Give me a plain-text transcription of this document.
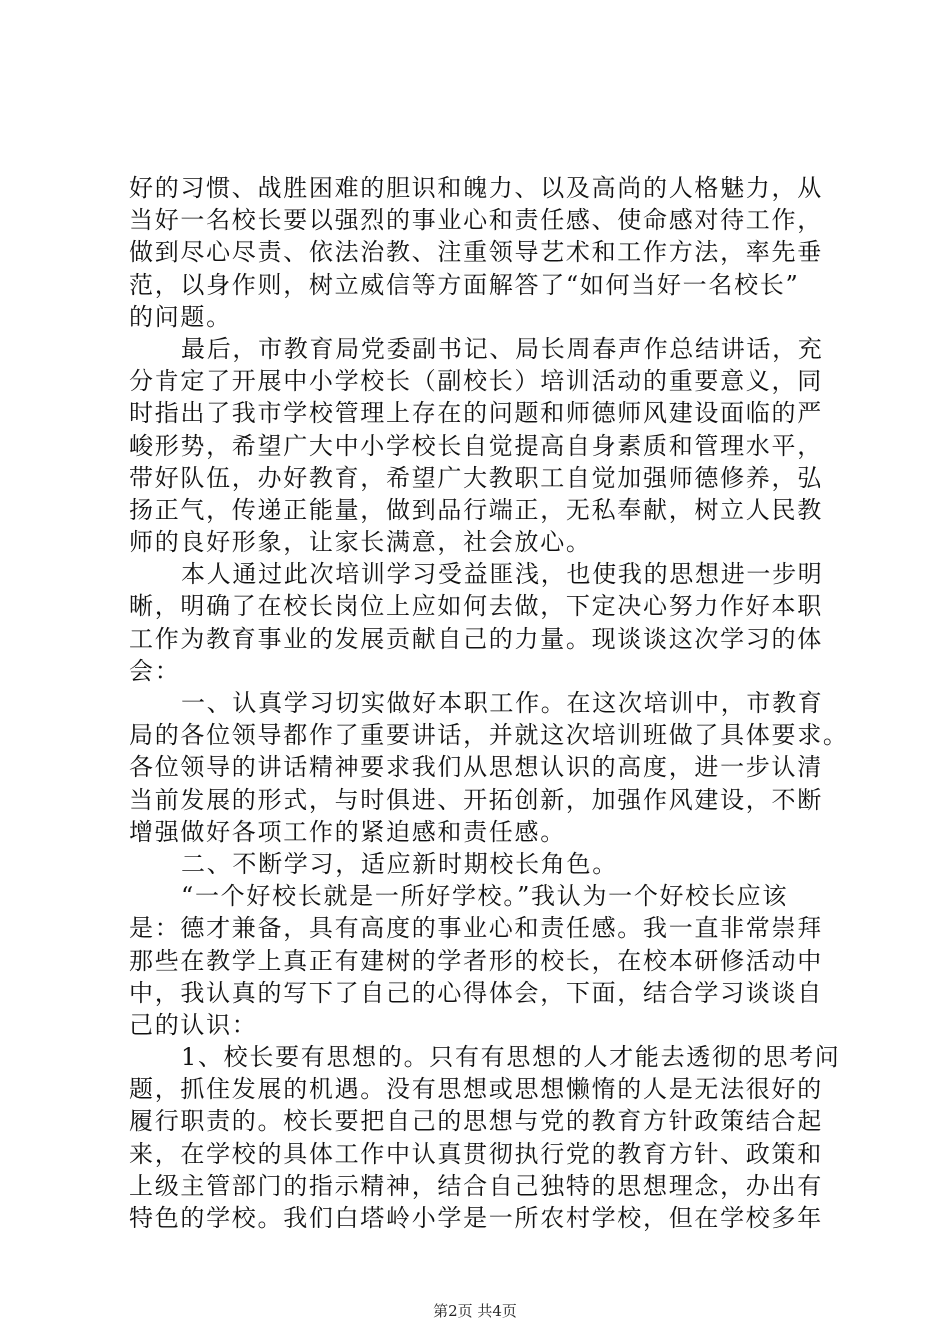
好的习惯、战胜困难的胆识和魄力、以及高尚的人格魅力，从
当好一名校长要以强烈的事业心和责任感、使命感对待工作，
做到尽心尽责、依法治教、注重领导艺术和工作方法，率先垂
范，以身作则，树立威信等方面解答了“如何当好一名校长”
的问题。
最后，市教育局党委副书记、局长周春声作总结讲话，充
分肯定了开展中小学校长（副校长）培训活动的重要意义，同
时指出了我市学校管理上存在的问题和师德师风建设面临的严
峻形势，希望广大中小学校长自觉提高自身素质和管理水平，
带好队伍，办好教育，希望广大教职工自觉加强师德修养，弘
扬正气，传递正能量，做到品行端正，无私奉献，树立人民教
师的良好形象，让家长满意，社会放心。
本人通过此次培训学习受益匪浅，也使我的思想进一步明
晰，明确了在校长岗位上应如何去做，下定决心努力作好本职
工作为教育事业的发展贡献自己的力量。现谈谈这次学习的体
会：
一、认真学习切实做好本职工作。在这次培训中，市教育
局的各位领导都作了重要讲话，并就这次培训班做了具体要求。
各位领导的讲话精神要求我们从思想认识的高度，进一步认清
当前发展的形式，与时俱进、开拓创新，加强作风建设，不断
增强做好各项工作的紧迫感和责任感。
二、不断学习，适应新时期校长角色。
“一个好校长就是一所好学校。”我认为一个好校长应该
是：德才兼备，具有高度的事业心和责任感。我一直非常崇拜
那些在教学上真正有建树的学者形的校长，在校本研修活动中
中，我认真的写下了自己的心得体会，下面，结合学习谈谈自
己的认识：
1、校长要有思想的。只有有思想的人才能去透彻的思考问
题，抓住发展的机遇。没有思想或思想懒惰的人是无法很好的
履行职责的。校长要把自己的思想与党的教育方针政策结合起
来，在学校的具体工作中认真贯彻执行党的教育方针、政策和
上级主管部门的指示精神，结合自己独特的思想理念，办出有
特色的学校。我们白塔岭小学是一所农村学校，但在学校多年
第2页 共4页
